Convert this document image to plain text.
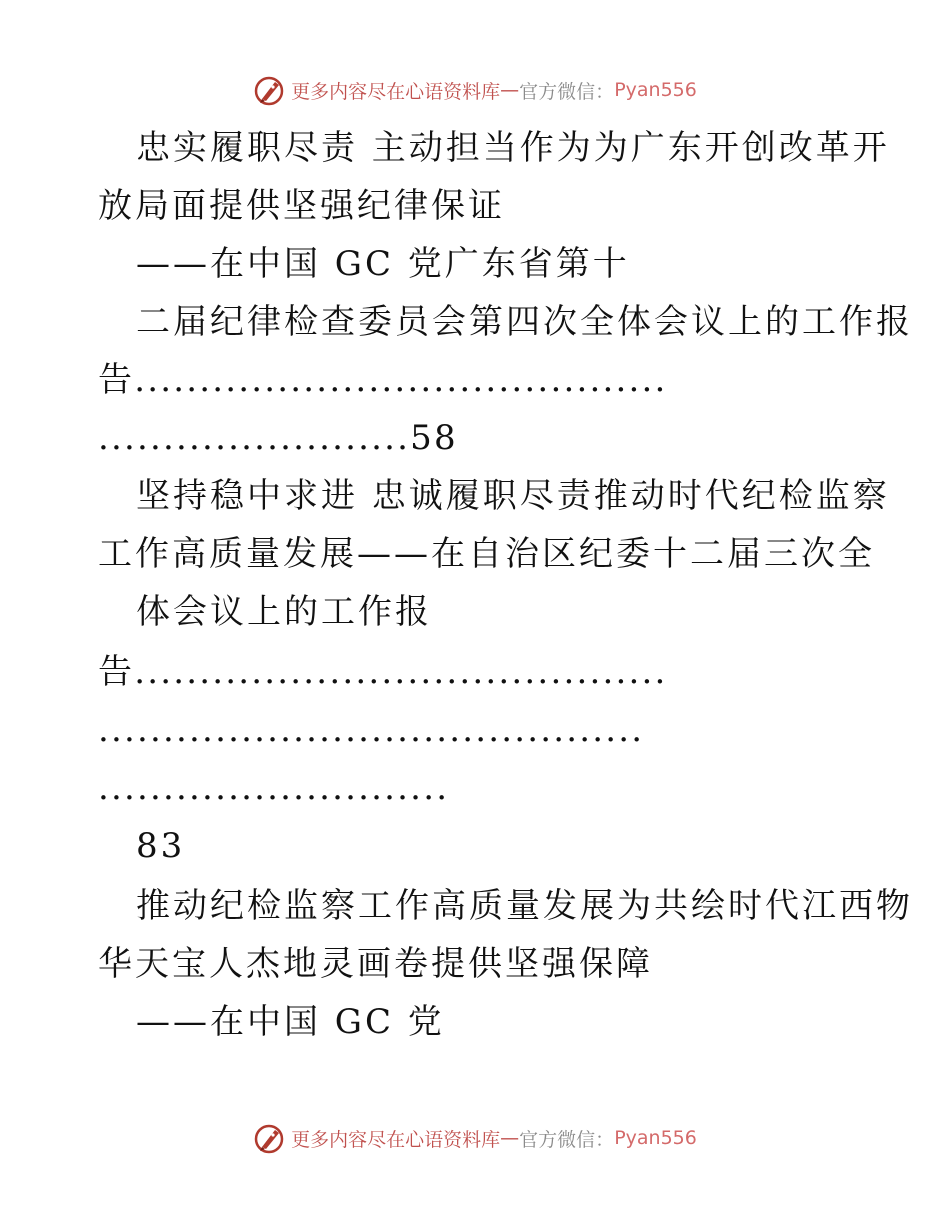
更多内容尽在心语资料库 — 官方微信： Pyan556
忠实履职尽责 主动担当作为为广东开创改革开
放局面提供坚强纪律保证
——在中国 GC 党广东省第十
二届纪律检查委员会第四次全体会议上的工作报
告.........................................
........................58
坚持稳中求进 忠诚履职尽责推动时代纪检监察
工作高质量发展——在自治区纪委十二届三次全
体会议上的工作报
告.........................................
..........................................
...........................
83
推动纪检监察工作高质量发展为共绘时代江西物
华天宝人杰地灵画卷提供坚强保障
——在中国 GC 党
更多内容尽在心语资料库 — 官方微信： Pyan556
